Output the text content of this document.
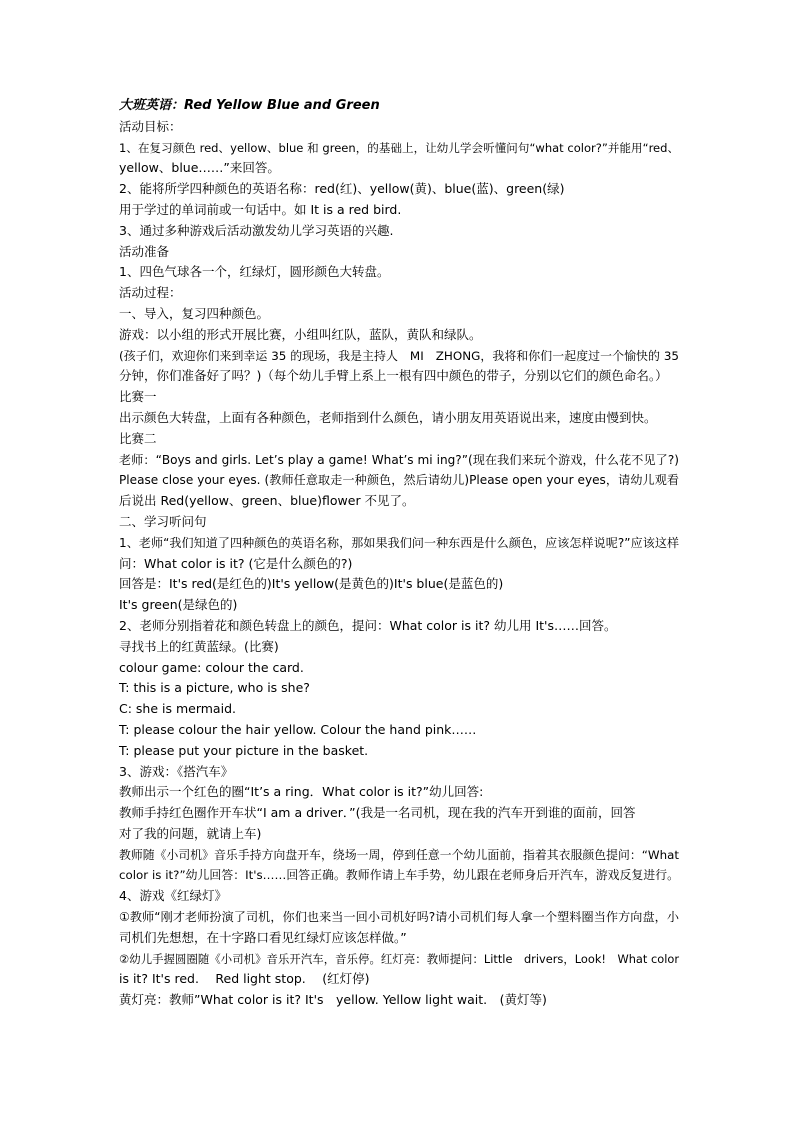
大班英语：Red Yellow Blue and Green
活动目标：
1、在复习颜色 red、yellow、blue 和 green，的基础上，让幼儿学会听懂问句“what color?”并能用“red、
yellow、blue……”来回答。
2、能将所学四种颜色的英语名称：red(红)、yellow(黄)、blue(蓝)、green(绿)
用于学过的单词前或一句话中。如 It is a red bird.
3、通过多种游戏后活动激发幼儿学习英语的兴趣.
活动准备
1、四色气球各一个，红绿灯，圆形颜色大转盘。
活动过程：
一、导入，复习四种颜色。
游戏：以小组的形式开展比赛，小组叫红队，蓝队，黄队和绿队。
(孩子们，欢迎你们来到幸运 35 的现场，我是主持人　MI　ZHONG，我将和你们一起度过一个愉快的 35
分钟，你们准备好了吗？)（每个幼儿手臂上系上一根有四中颜色的带子，分别以它们的颜色命名。）
比赛一
出示颜色大转盘，上面有各种颜色，老师指到什么颜色，请小朋友用英语说出来，速度由慢到快。
比赛二
老师：“Boys and girls. Let’s play a game! What’s mi ing?”(现在我们来玩个游戏，什么花不见了?)
Please close your eyes. (教师任意取走一种颜色，然后请幼儿)Please open your eyes，请幼儿观看
后说出 Red(yellow、green、blue)flower 不见了。
二、学习听问句
1、老师“我们知道了四种颜色的英语名称，那如果我们问一种东西是什么颜色，应该怎样说呢?”应该这样
问：What color is it? (它是什么颜色的?)
回答是：It's red(是红色的)It's yellow(是黄色的)It's blue(是蓝色的)
It's green(是绿色的)
2、老师分别指着花和颜色转盘上的颜色，提问：What color is it? 幼儿用 It's……回答。
寻找书上的红黄蓝绿。(比赛)
colour game: colour the card.
T: this is a picture, who is she?
C: she is mermaid.
T: please colour the hair yellow. Colour the hand pink……
T: please put your picture in the basket.
3、游戏：《搭汽车》
教师出示一个红色的圈“It’s a ring．What color is it?”幼儿回答:
教师手持红色圈作开车状“I am a driver．”(我是一名司机，现在我的汽车开到谁的面前，回答
对了我的问题，就请上车)
教师随《小司机》音乐手持方向盘开车，绕场一周，停到任意一个幼儿面前，指着其衣服颜色提问：“What
color is it?”幼儿回答：It's……回答正确。教师作请上车手势，幼儿跟在老师身后开汽车，游戏反复进行。
4、游戏《红绿灯》
①教师“刚才老师扮演了司机，你们也来当一回小司机好吗?请小司机们每人拿一个塑料圈当作方向盘，小
司机们先想想，在十字路口看见红绿灯应该怎样做。”
②幼儿手握圆圈随《小司机》音乐开汽车，音乐停。红灯亮：教师提问：Little　drivers，Look!　What color
is it? It's red.　 Red light stop.　 (红灯停)
黄灯亮：教师”What color is it? It's　yellow. Yellow light wait.　(黄灯等)
